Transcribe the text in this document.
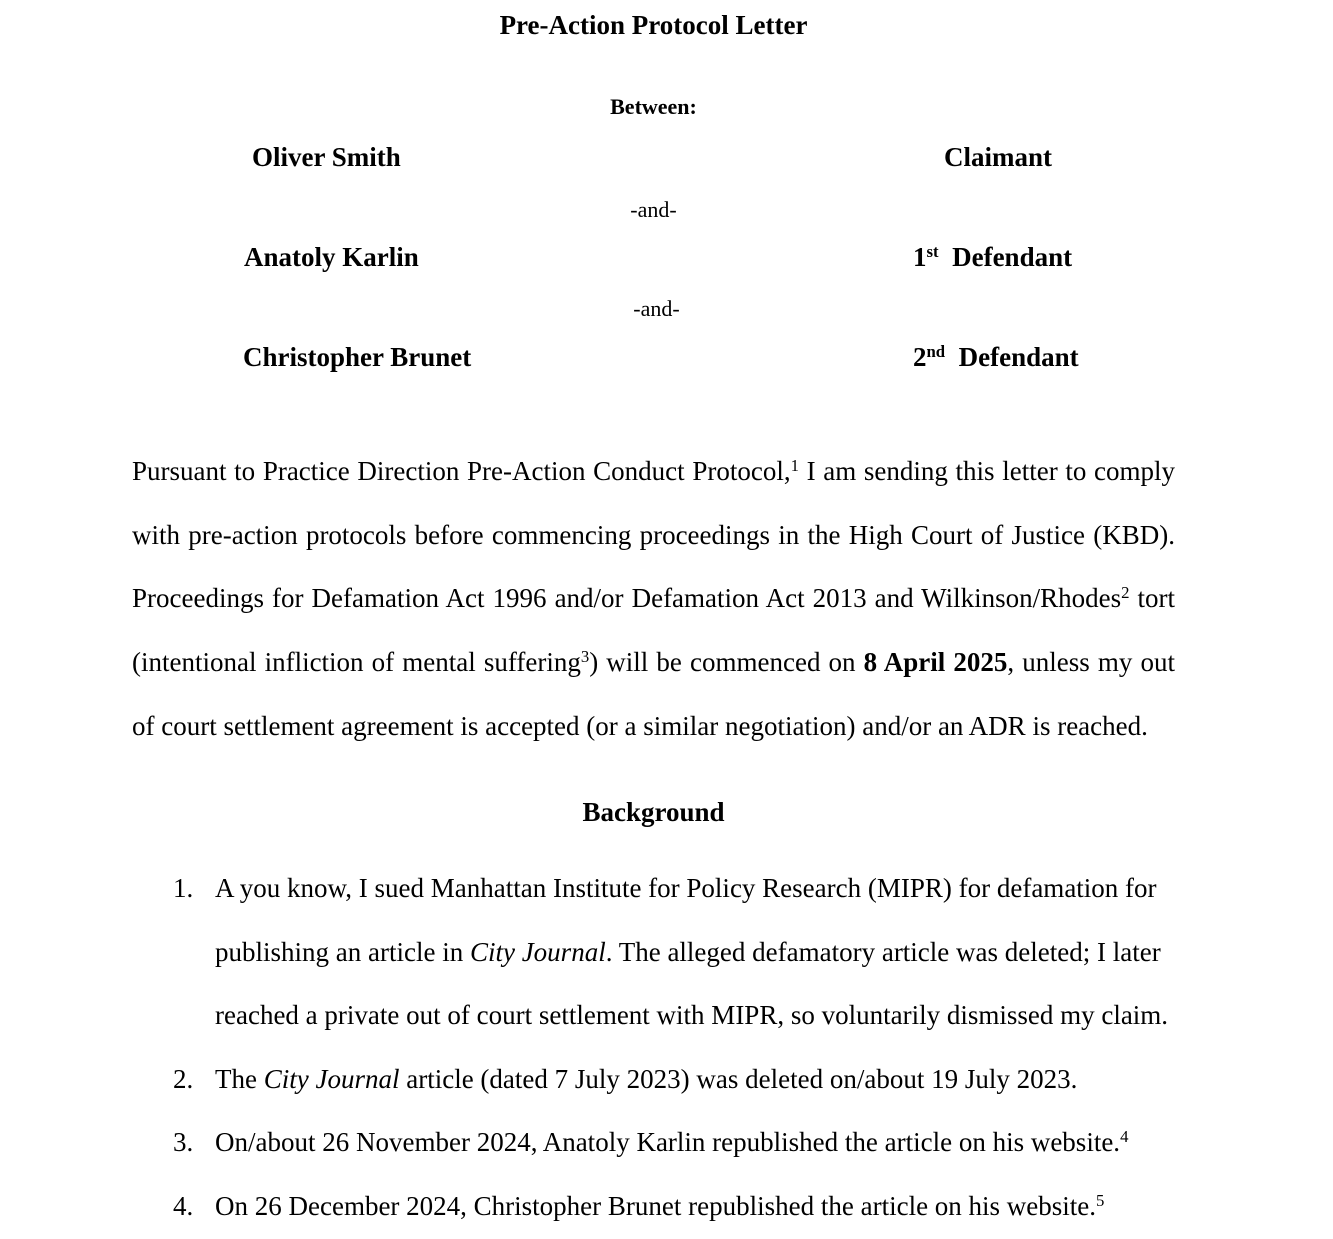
Pre-Action Protocol Letter
Between:
Oliver Smith	Claimant
-and-
Anatoly Karlin	1st Defendant
-and-
Christopher Brunet	2nd Defendant
Pursuant to Practice Direction Pre-Action Conduct Protocol,$^1$ I am sending this letter to comply with pre-action protocols before commencing proceedings in the High Court of Justice (KBD). Proceedings for Defamation Act 1996 and/or Defamation Act 2013 and Wilkinson/Rhodes$^2$ tort (intentional infliction of mental suffering$^3$) will be commenced on 8 April 2025, unless my out of court settlement agreement is accepted (or a similar negotiation) and/or an ADR is reached.
Background
1. A you know, I sued Manhattan Institute for Policy Research (MIPR) for defamation for
publishing an article in City Journal. The alleged defamatory article was deleted; I later
reached a private out of court settlement with MIPR, so voluntarily dismissed my claim.
2. The City Journal article (dated 7 July 2023) was deleted on/about 19 July 2023.
3. On/about 26 November 2024, Anatoly Karlin republished the article on his website.$^4$
4. On 26 December 2024, Christopher Brunet republished the article on his website.$^5$
